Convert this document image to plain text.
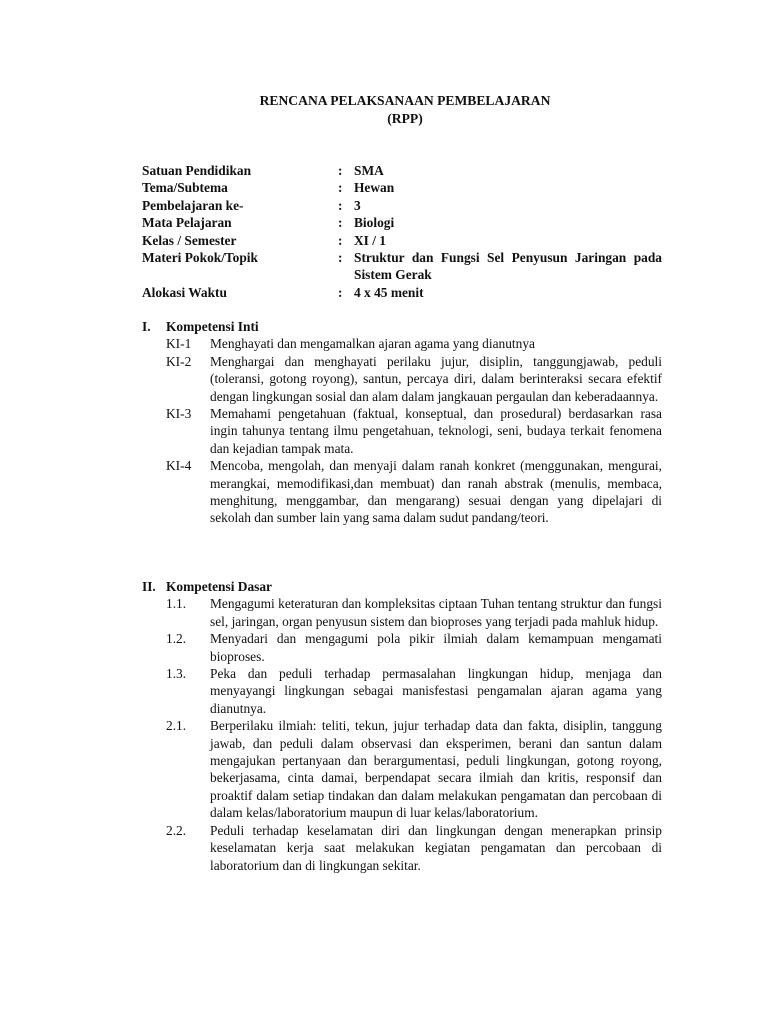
RENCANA PELAKSANAAN PEMBELAJARAN
(RPP)
Satuan Pendidikan	: SMA
Tema/Subtema	: Hewan
Pembelajaran ke-	: 3
Mata Pelajaran	: Biologi
Kelas / Semester	: XI / 1
Materi Pokok/Topik	: Struktur dan Fungsi Sel Penyusun Jaringan pada Sistem Gerak
Alokasi Waktu	: 4 x 45 menit
I.	Kompetensi Inti
KI-1	Menghayati dan mengamalkan ajaran agama yang dianutnya
KI-2	Menghargai dan menghayati perilaku jujur, disiplin, tanggungjawab, peduli (toleransi, gotong royong), santun, percaya diri, dalam berinteraksi secara efektif dengan lingkungan sosial dan alam dalam jangkauan pergaulan dan keberadaannya.
KI-3	Memahami pengetahuan (faktual, konseptual, dan prosedural) berdasarkan rasa ingin tahunya tentang ilmu pengetahuan, teknologi, seni, budaya terkait fenomena dan kejadian tampak mata.
KI-4	Mencoba, mengolah, dan menyaji dalam ranah konkret (menggunakan, mengurai, merangkai, memodifikasi,dan membuat) dan ranah abstrak (menulis, membaca, menghitung, menggambar, dan mengarang) sesuai dengan yang dipelajari di sekolah dan sumber lain yang sama dalam sudut pandang/teori.
II. Kompetensi Dasar
1.1.	Mengagumi keteraturan dan kompleksitas ciptaan Tuhan tentang struktur dan fungsi sel, jaringan, organ penyusun sistem dan bioproses yang terjadi pada mahluk hidup.
1.2.	Menyadari dan mengagumi pola pikir ilmiah dalam kemampuan mengamati bioproses.
1.3.	Peka dan peduli terhadap permasalahan lingkungan hidup, menjaga dan menyayangi lingkungan sebagai manisfestasi pengamalan ajaran agama yang dianutnya.
2.1.	Berperilaku ilmiah: teliti, tekun, jujur terhadap data dan fakta, disiplin, tanggung jawab, dan peduli dalam observasi dan eksperimen, berani dan santun dalam mengajukan pertanyaan dan berargumentasi, peduli lingkungan, gotong royong, bekerjasama, cinta damai, berpendapat secara ilmiah dan kritis, responsif dan proaktif dalam setiap tindakan dan dalam melakukan pengamatan dan percobaan di dalam kelas/laboratorium maupun di luar kelas/laboratorium.
2.2.	Peduli terhadap keselamatan diri dan lingkungan dengan menerapkan prinsip keselamatan kerja saat melakukan kegiatan pengamatan dan percobaan di laboratorium dan di lingkungan sekitar.
